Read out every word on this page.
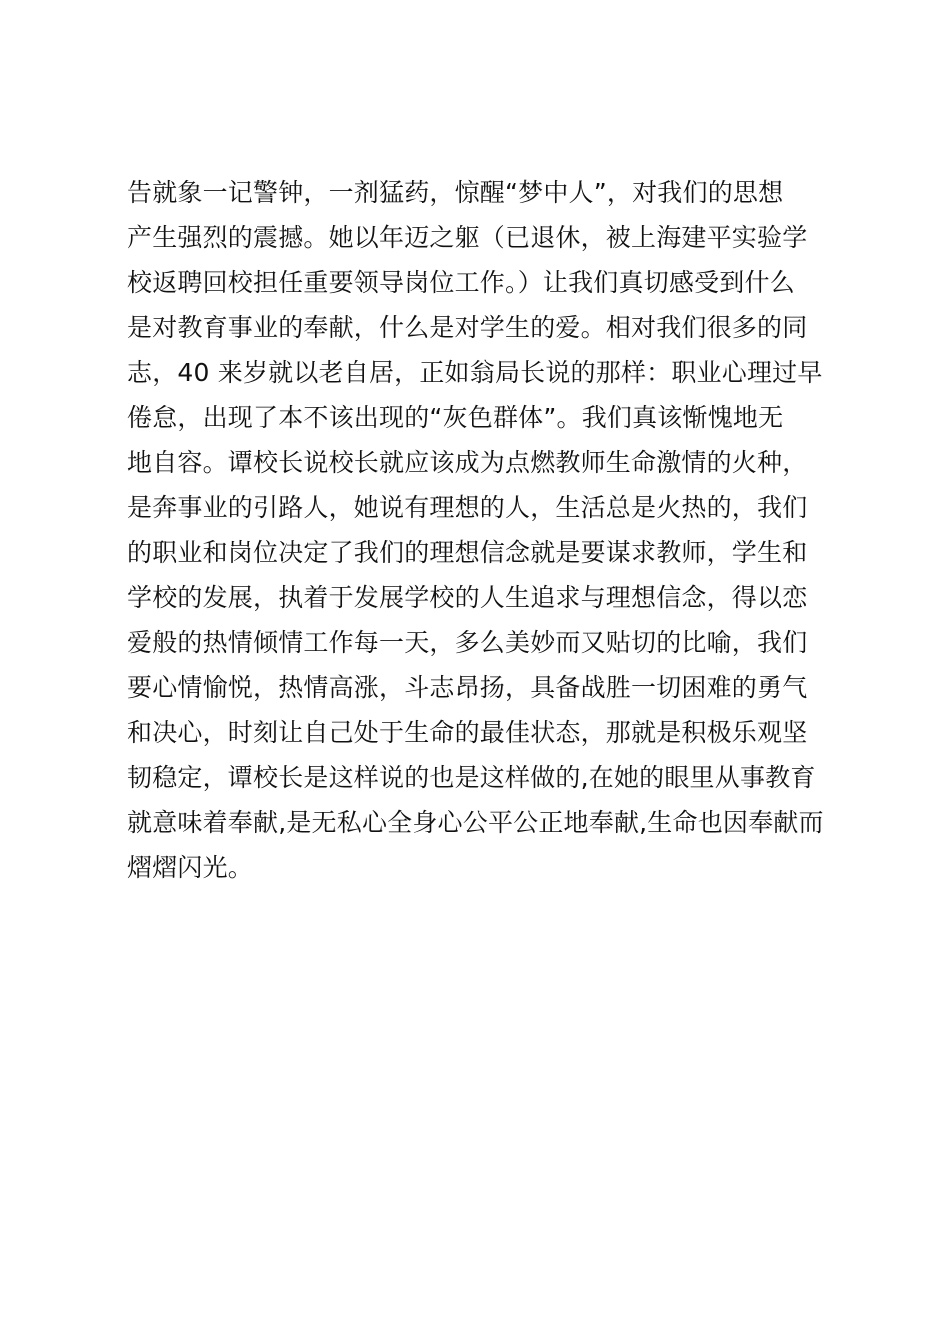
告就象一记警钟，一剂猛药，惊醒“梦中人”，对我们的思想
产生强烈的震撼。她以年迈之躯（已退休，被上海建平实验学
校返聘回校担任重要领导岗位工作。）让我们真切感受到什么
是对教育事业的奉献，什么是对学生的爱。相对我们很多的同
志，40 来岁就以老自居，正如翁局长说的那样：职业心理过早
倦怠，出现了本不该出现的“灰色群体”。我们真该惭愧地无
地自容。谭校长说校长就应该成为点燃教师生命激情的火种，
是奔事业的引路人，她说有理想的人，生活总是火热的，我们
的职业和岗位决定了我们的理想信念就是要谋求教师，学生和
学校的发展，执着于发展学校的人生追求与理想信念，得以恋
爱般的热情倾情工作每一天，多么美妙而又贴切的比喻，我们
要心情愉悦，热情高涨，斗志昂扬，具备战胜一切困难的勇气
和决心，时刻让自己处于生命的最佳状态，那就是积极乐观坚
韧稳定，谭校长是这样说的也是这样做的,在她的眼里从事教育
就意味着奉献,是无私心全身心公平公正地奉献,生命也因奉献而
熠熠闪光。
